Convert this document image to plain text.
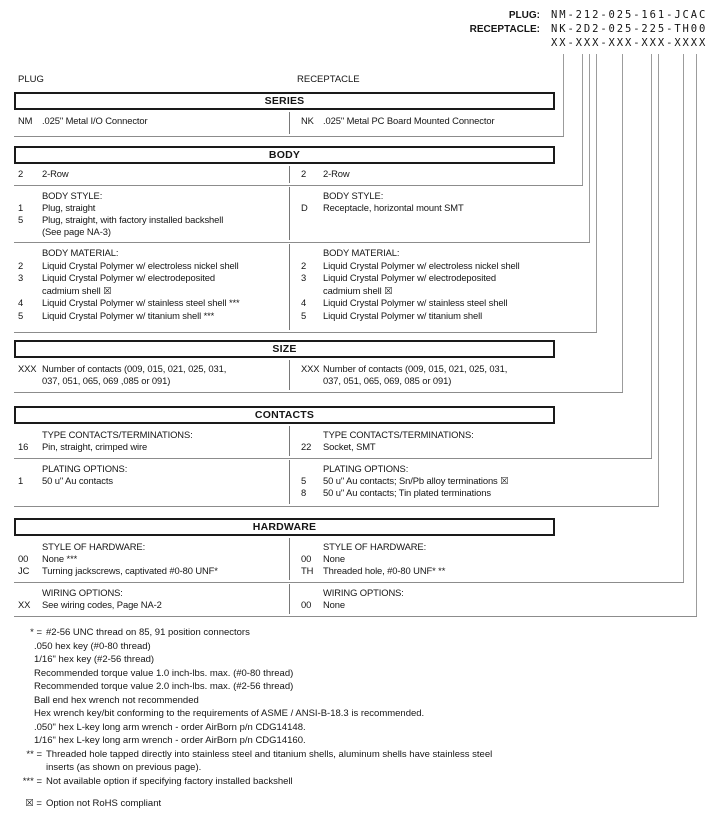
PLUG: NM-212-025-161-JCAC
RECEPTACLE: NK-2D2-025-225-TH00
XX-XXX-XXX-XXX-XXXX
PLUG	RECEPTACLE
SERIES
NM	.025" Metal I/O Connector	NK .025" Metal PC Board Mounted Connector
BODY
2	2-Row	2	2-Row
BODY STYLE:
1	Plug, straight
5	Plug, straight, with factory installed backshell
(See page NA-3)
BODY STYLE:
D	Receptacle, horizontal mount SMT
BODY MATERIAL:
2	Liquid Crystal Polymer w/ electroless nickel shell
3	Liquid Crystal Polymer w/ electrodeposited
cadmium shell ☒
4	Liquid Crystal Polymer w/ stainless steel shell ***
5	Liquid Crystal Polymer w/ titanium shell ***
BODY MATERIAL:
2	Liquid Crystal Polymer w/ electroless nickel shell
3	Liquid Crystal Polymer w/ electrodeposited
cadmium shell ☒
4	Liquid Crystal Polymer w/ stainless steel shell
5	Liquid Crystal Polymer w/ titanium shell
SIZE
XXX Number of contacts (009, 015, 021, 025, 031,
037, 051, 065, 069 ,085 or 091)
XXX Number of contacts (009, 015, 021, 025, 031,
037, 051, 065, 069, 085 or 091)
CONTACTS
TYPE CONTACTS/TERMINATIONS:
16	Pin, straight, crimped wire
TYPE CONTACTS/TERMINATIONS:
22	Socket, SMT
PLATING OPTIONS:
1	50 u" Au contacts
PLATING OPTIONS:
5	50 u" Au contacts; Sn/Pb alloy terminations ☒
8	50 u" Au contacts; Tin plated terminations
HARDWARE
STYLE OF HARDWARE:
00	None ***
JC	Turning jackscrews, captivated #0-80 UNF*
STYLE OF HARDWARE:
00	None
TH	Threaded hole, #0-80 UNF* **
WIRING OPTIONS:
XX	See wiring codes, Page NA-2
WIRING OPTIONS:
00	None
* = #2-56 UNC thread on 85, 91 position connectors
.050 hex key (#0-80 thread)
1/16" hex key (#2-56 thread)
Recommended torque value 1.0 inch-lbs. max. (#0-80 thread)
Recommended torque value 2.0 inch-lbs. max. (#2-56 thread)
Ball end hex wrench not recommended
Hex wrench key/bit conforming to the requirements of ASME / ANSI-B-18.3 is recommended.
.050" hex L-key long arm wrench - order AirBorn p/n CDG14148.
1/16" hex L-key long arm wrench - order AirBorn p/n CDG14160.
** = Threaded hole tapped directly into stainless steel and titanium shells, aluminum shells have stainless steel
inserts (as shown on previous page).
*** = Not available option if specifying factory installed backshell
☒ = Option not RoHS compliant
